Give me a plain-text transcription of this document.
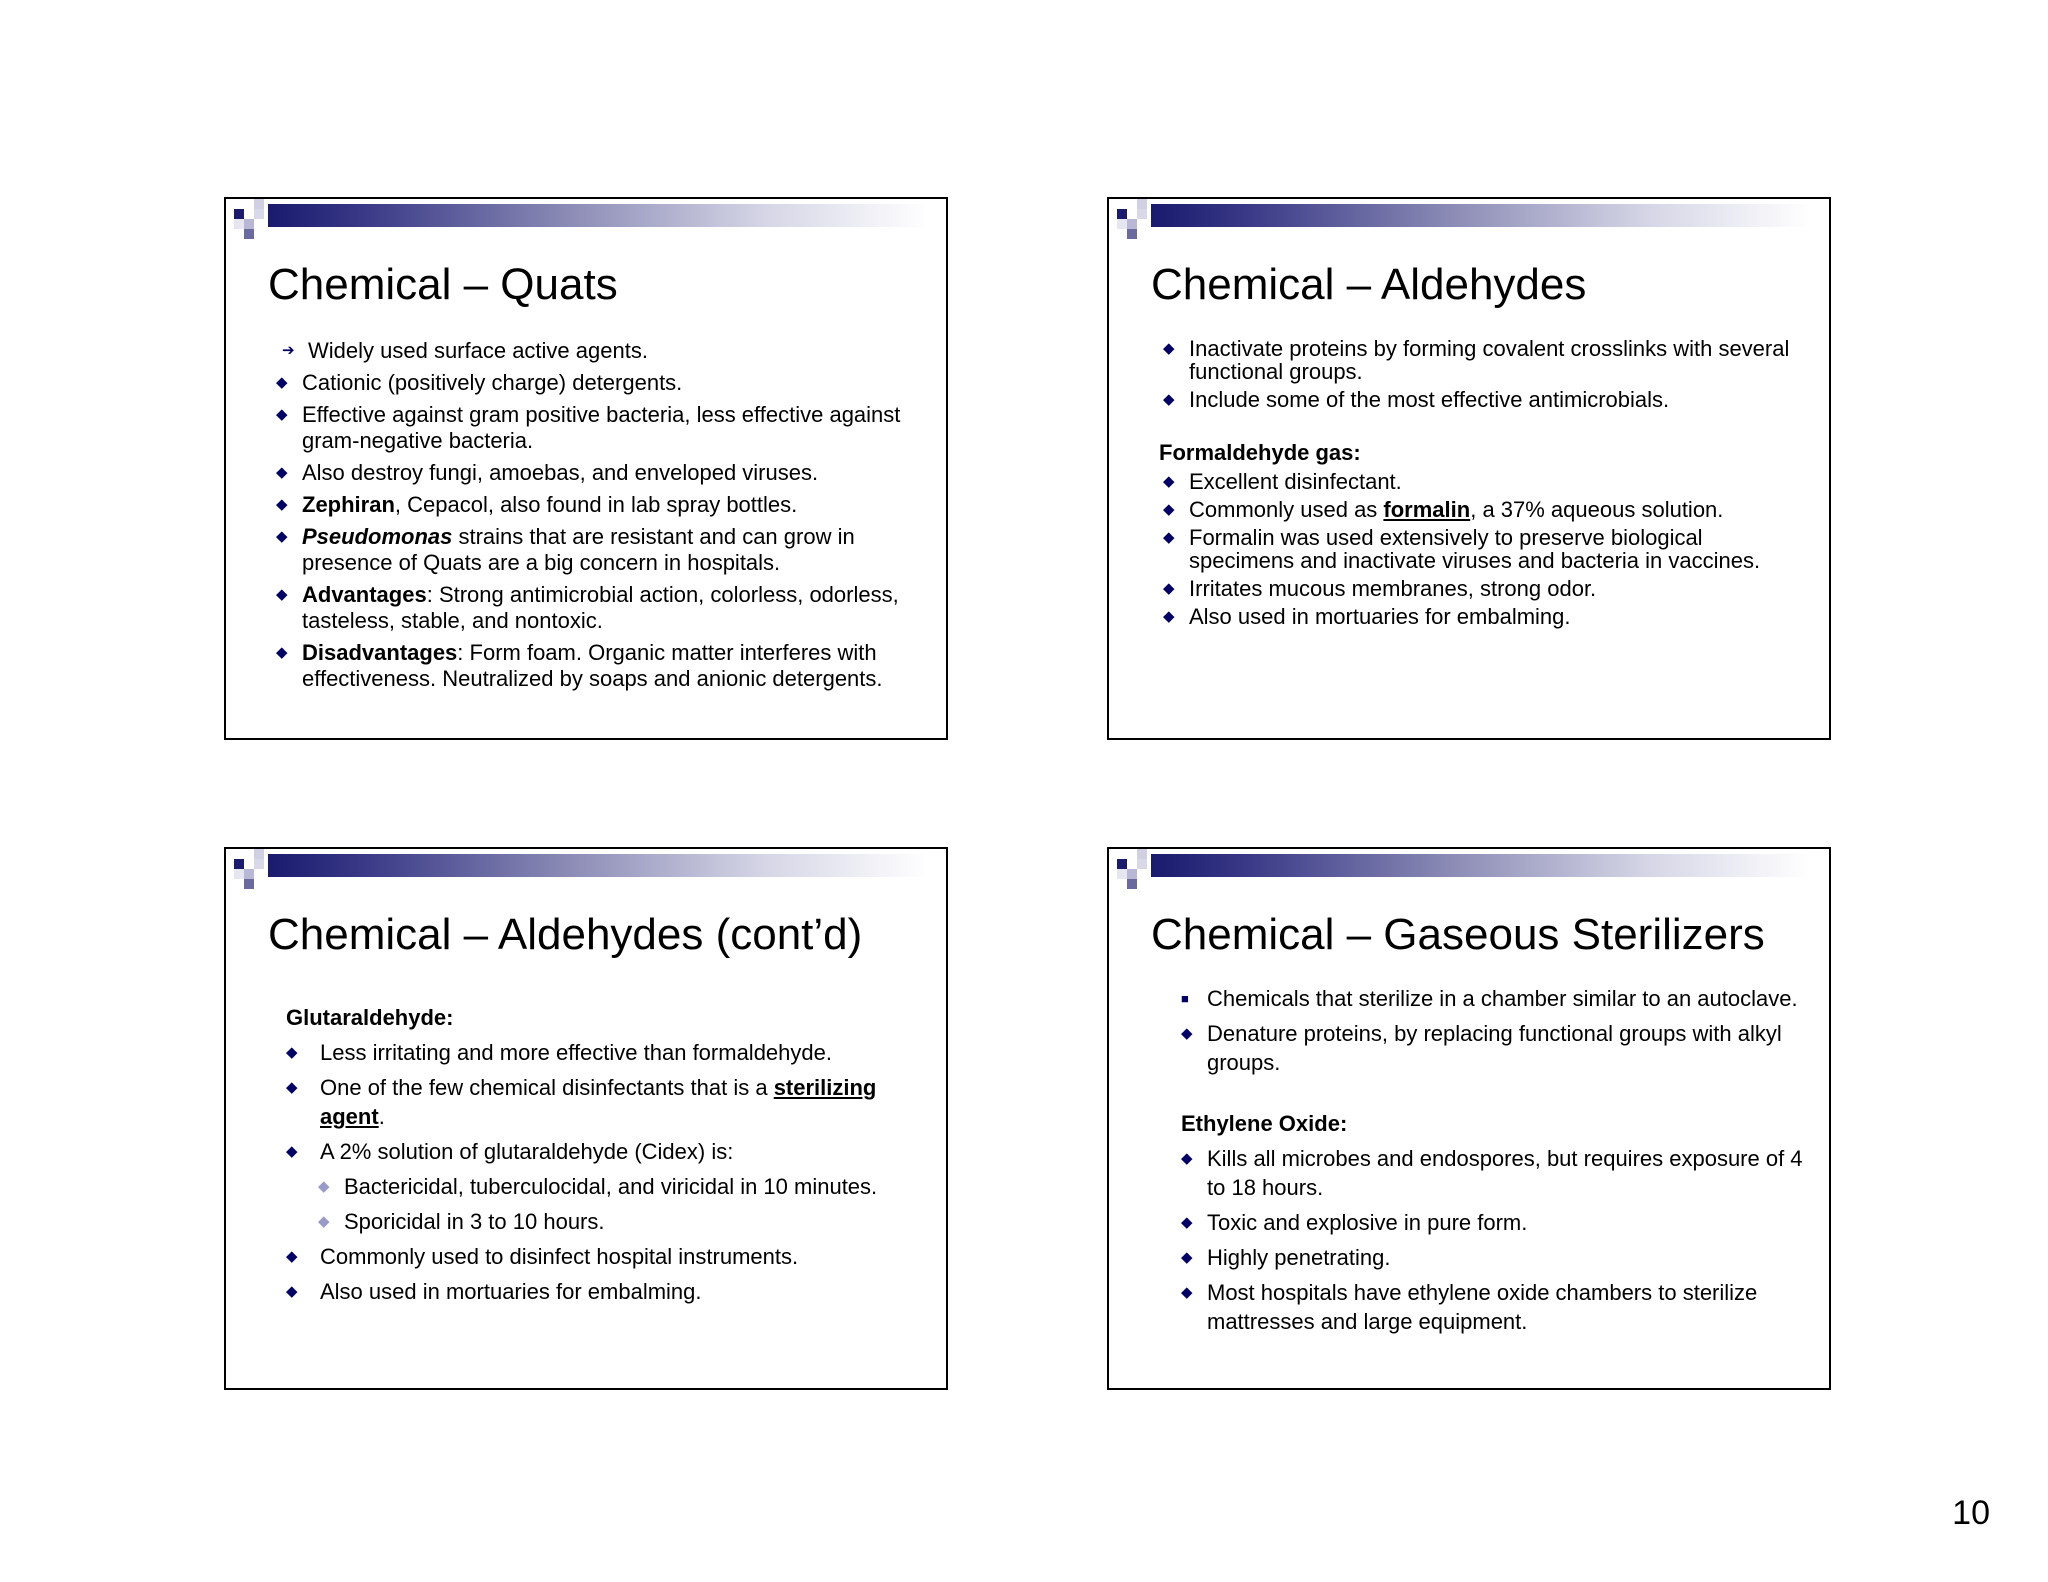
Chemical – Quats
➔ Widely used surface active agents.
◆ Cationic (positively charge) detergents.
◆ Effective against gram positive bacteria, less effective against gram-negative bacteria.
◆ Also destroy fungi, amoebas, and enveloped viruses.
◆ Zephiran, Cepacol, also found in lab spray bottles.
◆ Pseudomonas strains that are resistant and can grow in presence of Quats are a big concern in hospitals.
◆ Advantages: Strong antimicrobial action, colorless, odorless, tasteless, stable, and nontoxic.
◆ Disadvantages: Form foam. Organic matter interferes with effectiveness. Neutralized by soaps and anionic detergents.
Chemical – Aldehydes
◆ Inactivate proteins by forming covalent crosslinks with several functional groups.
◆ Include some of the most effective antimicrobials.
Formaldehyde gas:
◆ Excellent disinfectant.
◆ Commonly used as formalin, a 37% aqueous solution.
◆ Formalin was used extensively to preserve biological specimens and inactivate viruses and bacteria in vaccines.
◆ Irritates mucous membranes, strong odor.
◆ Also used in mortuaries for embalming.
Chemical – Aldehydes (cont’d)
Glutaraldehyde:
◆ Less irritating and more effective than formaldehyde.
◆ One of the few chemical disinfectants that is a sterilizing agent.
◆ A 2% solution of glutaraldehyde (Cidex) is:
◆ Bactericidal, tuberculocidal, and viricidal in 10 minutes.
◆ Sporicidal in 3 to 10 hours.
◆ Commonly used to disinfect hospital instruments.
◆ Also used in mortuaries for embalming.
Chemical – Gaseous Sterilizers
■ Chemicals that sterilize in a chamber similar to an autoclave.
◆ Denature proteins, by replacing functional groups with alkyl groups.
Ethylene Oxide:
◆ Kills all microbes and endospores, but requires exposure of 4 to 18 hours.
◆ Toxic and explosive in pure form.
◆ Highly penetrating.
◆ Most hospitals have ethylene oxide chambers to sterilize mattresses and large equipment.
10
